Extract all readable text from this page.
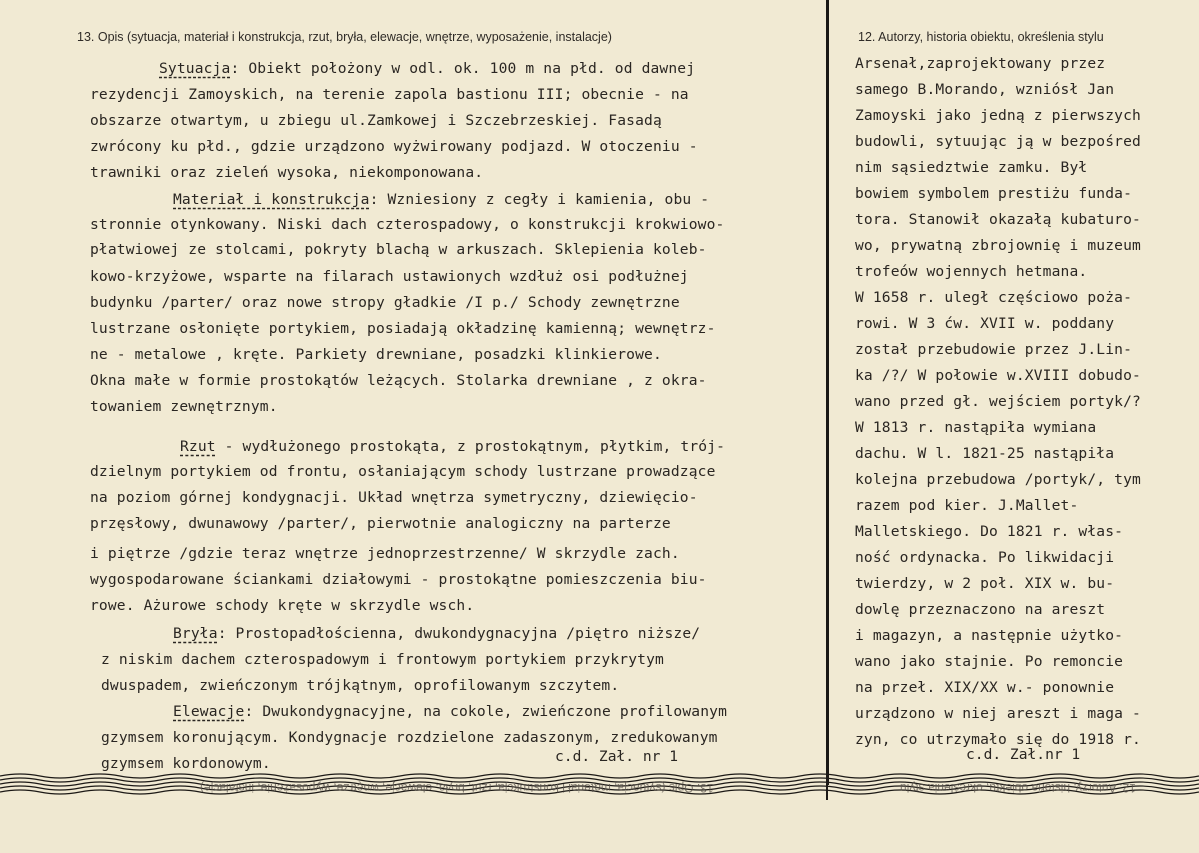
13. Opis (sytuacja, materiał i konstrukcja, rzut, bryła, elewacje, wnętrze, wyposażenie, instalacje)
Sytuacja: Obiekt położony w odl. ok. 100 m na płd. od dawnej
rezydencji Zamoyskich, na terenie zapola bastionu III; obecnie - na
obszarze otwartym, u zbiegu ul.Zamkowej i Szczebrzeskiej. Fasadą
zwrócony ku płd., gdzie urządzono wyżwirowany podjazd. W otoczeniu -
trawniki oraz zieleń wysoka, niekomponowana.
Materiał i konstrukcja: Wzniesiony z cegły i kamienia, obu -
stronnie otynkowany. Niski dach czterospadowy, o konstrukcji krokwiowo-
płatwiowej ze stolcami, pokryty blachą w arkuszach. Sklepienia koleb-
kowo-krzyżowe, wsparte na filarach ustawionych wzdłuż osi podłużnej
budynku /parter/ oraz nowe stropy gładkie /I p./ Schody zewnętrzne
lustrzane osłonięte portykiem, posiadają okładzinę kamienną; wewnętrz-
ne - metalowe , kręte. Parkiety drewniane, posadzki klinkierowe.
Okna małe w formie prostokątów leżących. Stolarka drewniane , z okra-
towaniem zewnętrznym.
Rzut - wydłużonego prostokąta, z prostokątnym, płytkim, trój-
dzielnym portykiem od frontu, osłaniającym schody lustrzane prowadzące
na poziom górnej kondygnacji. Układ wnętrza symetryczny, dziewięcio-
przęsłowy, dwunawowy /parter/, pierwotnie analogiczny na parterze
i piętrze /gdzie teraz wnętrze jednoprzestrzenne/ W skrzydle zach.
wygospodarowane ściankami działowymi - prostokątne pomieszczenia biu-
rowe. Ażurowe schody kręte w skrzydle wsch.
Bryła: Prostopadłościenna, dwukondygnacyjna /piętro niższe/
z niskim dachem czterospadowym i frontowym portykiem przykrytym
dwuspadem, zwieńczonym trójkątnym, oprofilowanym szczytem.
Elewacje: Dwukondygnacyjne, na cokole, zwieńczone profilowanym
gzymsem koronującym. Kondygnacje rozdzielone zadaszonym, zredukowanym
gzymsem kordonowym.	c.d. Zał. nr 1
12. Autorzy, historia obiektu, określenia stylu
Arsenał,zaprojektowany przez
samego B.Morando, wzniósł Jan
Zamoyski jako jedną z pierwszych
budowli, sytuując ją w bezpośred
nim sąsiedztwie zamku. Był
bowiem symbolem prestiżu funda-
tora. Stanowił okazałą kubaturo-
wo, prywatną zbrojownię i muzeum
trofeów wojennych hetmana.
W 1658 r. uległ częściowo poża-
rowi. W 3 ćw. XVII w. poddany
został przebudowie przez J.Lin-
ka /?/ W połowie w.XVIII dobudo-
wano przed gł. wejściem portyk/?
W 1813 r. nastąpiła wymiana
dachu. W l. 1821-25 nastąpiła
kolejna przebudowa /portyk/, tym
razem pod kier. J.Mallet-
Malletskiego. Do 1821 r. włas-
ność ordynacka. Po likwidacji
twierdzy, w 2 poł. XIX w. bu-
dowlę przeznaczono na areszt
i magazyn, a następnie użytko-
wano jako stajnie. Po remoncie
na przeł. XIX/XX w.- ponownie
urządzono w niej areszt i maga -
zyn, co utrzymało się do 1918 r.
c.d. Zał.nr 1
13. Opis (sytuacja, materiał i konstrukcja, rzut, bryła, elewacje, wnętrze, wyposażenie, instalacje)	12. Autorzy, historia obiektu, określenia stylu
